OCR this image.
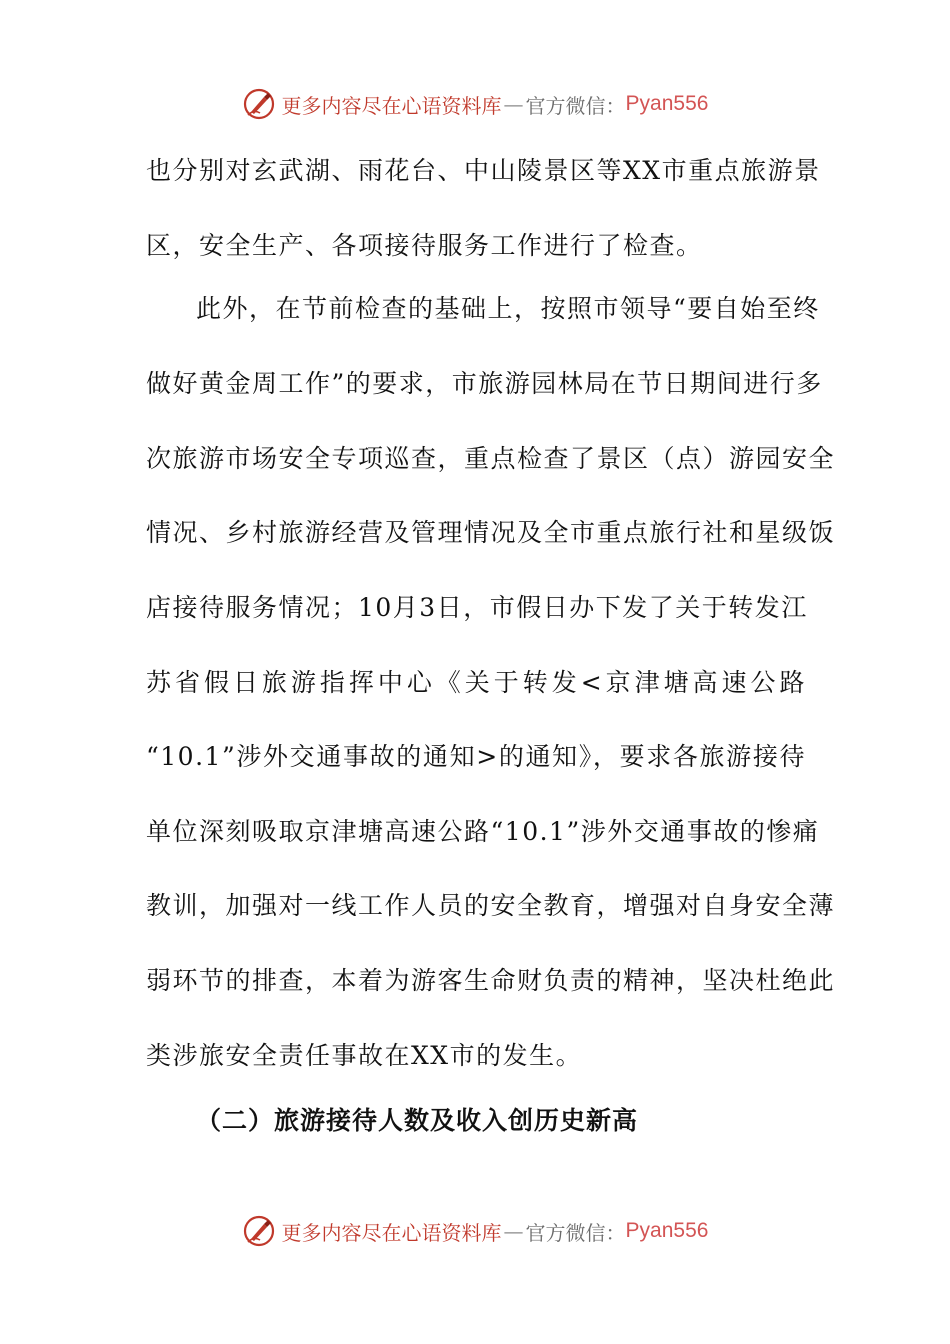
更多内容尽在心语资料库 — 官方微信： Pyan556
也分别对玄武湖、雨花台、中山陵景区等XX市重点旅游景
区，安全生产、各项接待服务工作进行了检查。
此外，在节前检查的基础上，按照市领导“要自始至终
做好黄金周工作”的要求，市旅游园林局在节日期间进行多
次旅游市场安全专项巡查，重点检查了景区（点）游园安全
情况、乡村旅游经营及管理情况及全市重点旅行社和星级饭
店接待服务情况；10月3日，市假日办下发了关于转发江
苏省假日旅游指挥中心《关于转发<京津塘高速公路
“10.1”涉外交通事故的通知>的通知》，要求各旅游接待
单位深刻吸取京津塘高速公路“10.1”涉外交通事故的惨痛
教训，加强对一线工作人员的安全教育，增强对自身安全薄
弱环节的排查，本着为游客生命财负责的精神，坚决杜绝此
类涉旅安全责任事故在XX市的发生。
（二）旅游接待人数及收入创历史新高
更多内容尽在心语资料库 — 官方微信： Pyan556
